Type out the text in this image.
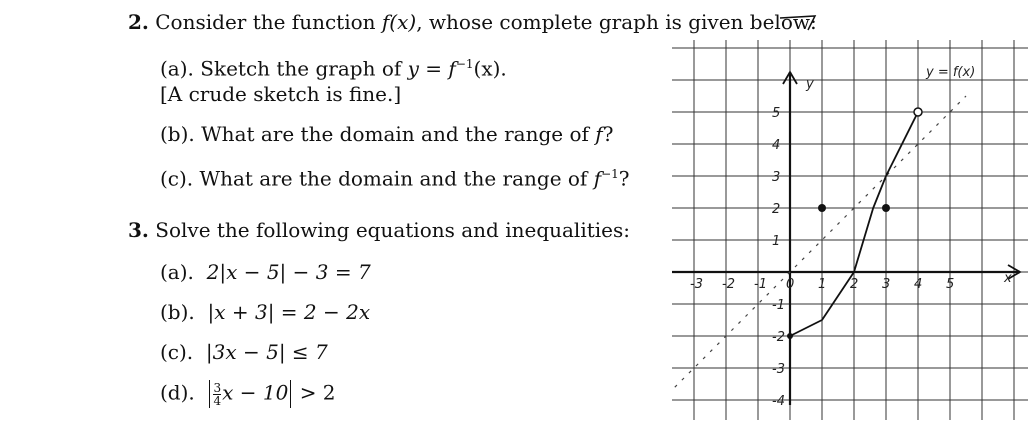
2. Consider the function f(x), whose complete graph is given below:
(a). Sketch the graph of $y = f^{-1}(x)$.
[A crude sketch is fine.]
(b). What are the domain and the range of f?
(c). What are the domain and the range of $f^{-1}$?
3. Solve the following equations and inequalities:
(a). 2|x − 5| − 3 = 7
(b). |x + 3| = 2 − 2x
(c). |3x − 5| ≤ 7
(d). $\frac{3}{4}$ x − 10 > 2
-3 -2 -1 0 1 2 3 4 5
5
4
3
2
1
-1
-2
-3
-4
y
x
y = f(x)
